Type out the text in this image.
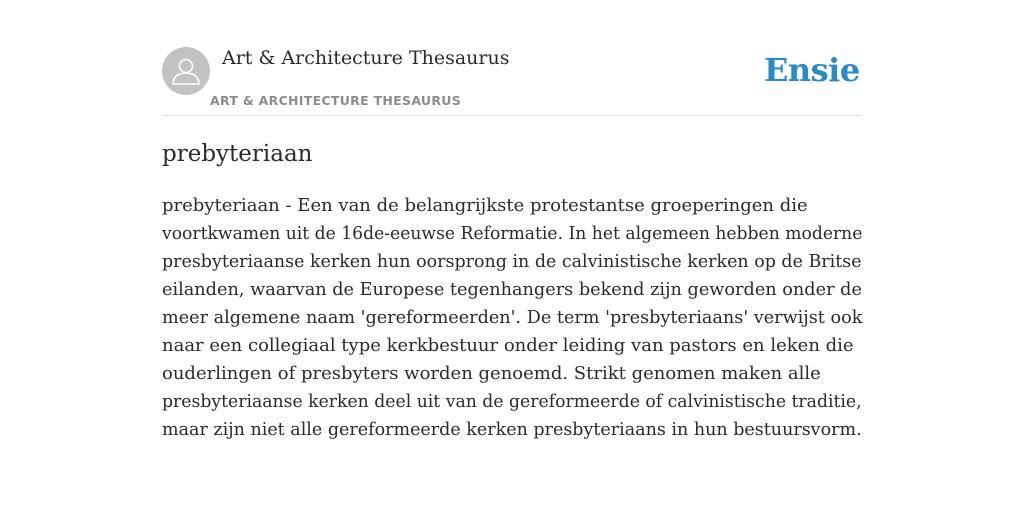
Art & Architecture Thesaurus
ART & ARCHITECTURE THESAURUS
Ensie
prebyteriaan

prebyteriaan - Een van de belangrijkste protestantse groeperingen die
voortkwamen uit de 16de-eeuwse Reformatie. In het algemeen hebben moderne
presbyteriaanse kerken hun oorsprong in de calvinistische kerken op de Britse
eilanden, waarvan de Europese tegenhangers bekend zijn geworden onder de
meer algemene naam 'gereformeerden'. De term 'presbyteriaans' verwijst ook

naar een collegiaal type kerkbestuur onder leiding van pastors en leken die
ouderlingen of presbyters worden genoemd. Strikt genomen maken alle
presbyteriaanse kerken deel uit van de gereformeerde of calvinistische traditie,
maar zijn niet alle gereformeerde kerken presbyteriaans in hun bestuursvorm.
